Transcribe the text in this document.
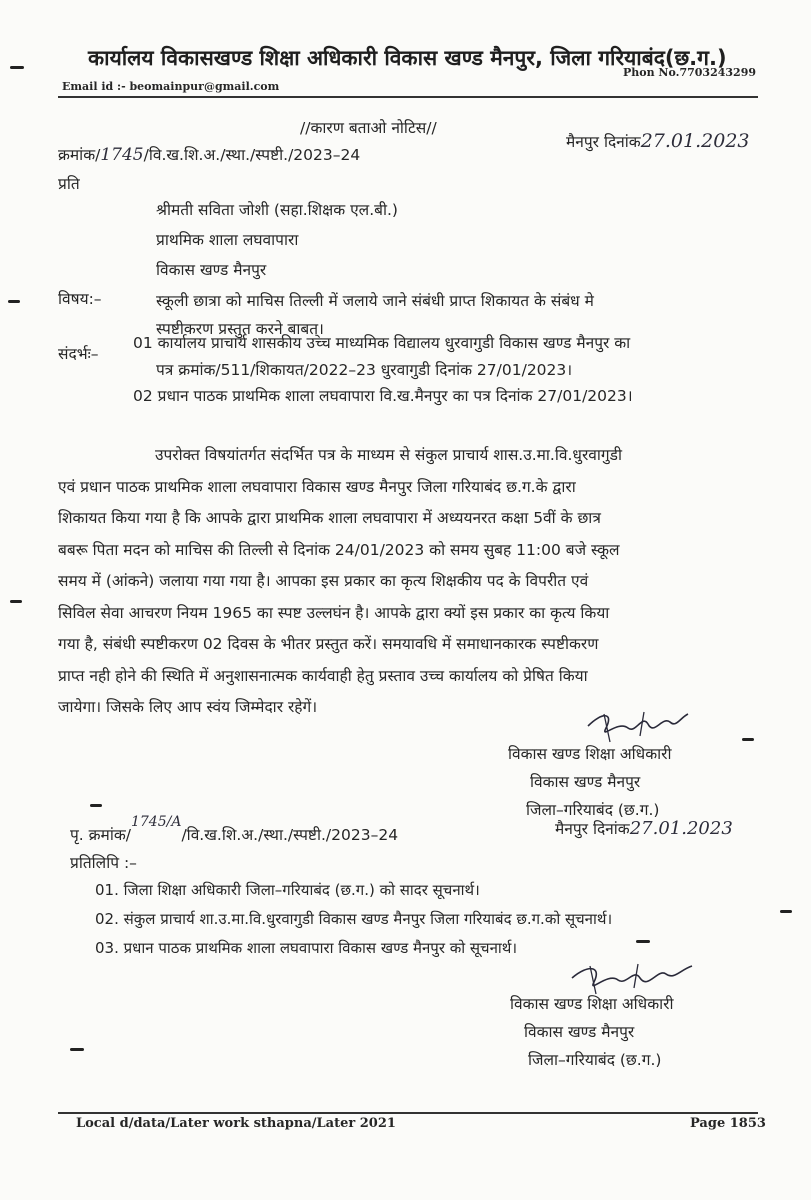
कार्यालय विकासखण्ड शिक्षा अधिकारी विकास खण्ड मैनपुर, जिला गरियाबंद(छ.ग.)
Phon No.7703243299
Email id :- beomainpur@gmail.com
//कारण बताओ नोटिस//
क्रमांक/1745/वि.ख.शि.अ./स्था./स्पष्टी./2023–24
मैनपुर दिनांक27.01.2023
प्रति
श्रीमती सविता जोशी (सहा.शिक्षक एल.बी.)
प्राथमिक शाला लघवापारा
विकास खण्ड मैनपुर
विषय:–	स्कूली छात्रा को माचिस तिल्ली में जलाये जाने संबंधी प्राप्त शिकायत के संबंध मे
स्पष्टीकरण प्रस्तुत करने बाबत्।
संदर्भः–
01 कार्यालय प्राचार्य शासकीय उच्च माध्यमिक विद्यालय धुरवागुडी विकास खण्ड मैनपुर का
पत्र क्रमांक/511/शिकायत/2022–23 धुरवागुडी दिनांक 27/01/2023।
02 प्रधान पाठक प्राथमिक शाला लघवापारा वि.ख.मैनपुर का पत्र दिनांक 27/01/2023।
उपरोक्त विषयांतर्गत संदर्भित पत्र के माध्यम से संकुल प्राचार्य शास.उ.मा.वि.धुरवागुडी
एवं प्रधान पाठक प्राथमिक शाला लघवापारा विकास खण्ड मैनपुर जिला गरियाबंद छ.ग.के द्वारा
शिकायत किया गया है कि आपके द्वारा प्राथमिक शाला लघवापारा में अध्ययनरत कक्षा 5वीं के छात्र
बबरू पिता मदन को माचिस की तिल्ली से दिनांक 24/01/2023 को समय सुबह 11:00 बजे स्कूल
समय में (आंकने) जलाया गया गया है। आपका इस प्रकार का कृत्य शिक्षकीय पद के विपरीत एवं
सिविल सेवा आचरण नियम 1965 का स्पष्ट उल्लघंन है। आपके द्वारा क्यों इस प्रकार का कृत्य किया
गया है, संबंधी स्पष्टीकरण 02 दिवस के भीतर प्रस्तुत करें। समयावधि में समाधानकारक स्पष्टीकरण
प्राप्त नही होने की स्थिति में अनुशासनात्मक कार्यवाही हेतु प्रस्ताव उच्च कार्यालय को प्रेषित किया
जायेगा। जिसके लिए आप स्वंय जिम्मेदार रहेगें।
विकास खण्ड शिक्षा अधिकारी
विकास खण्ड मैनपुर
जिला–गरियाबंद (छ.ग.)
पृ. क्रमांक/1745/A/वि.ख.शि.अ./स्था./स्पष्टी./2023–24	मैनपुर दिनांक27.01.2023
प्रतिलिपि :–
01. जिला शिक्षा अधिकारी जिला–गरियाबंद (छ.ग.) को सादर सूचनार्थ।
02. संकुल प्राचार्य शा.उ.मा.वि.धुरवागुडी विकास खण्ड मैनपुर जिला गरियाबंद छ.ग.को सूचनार्थ।
03. प्रधान पाठक प्राथमिक शाला लघवापारा विकास खण्ड मैनपुर को सूचनार्थ।
विकास खण्ड शिक्षा अधिकारी
विकास खण्ड मैनपुर
जिला–गरियाबंद (छ.ग.)
Local d/data/Later work sthapna/Later 2021	Page 1853
